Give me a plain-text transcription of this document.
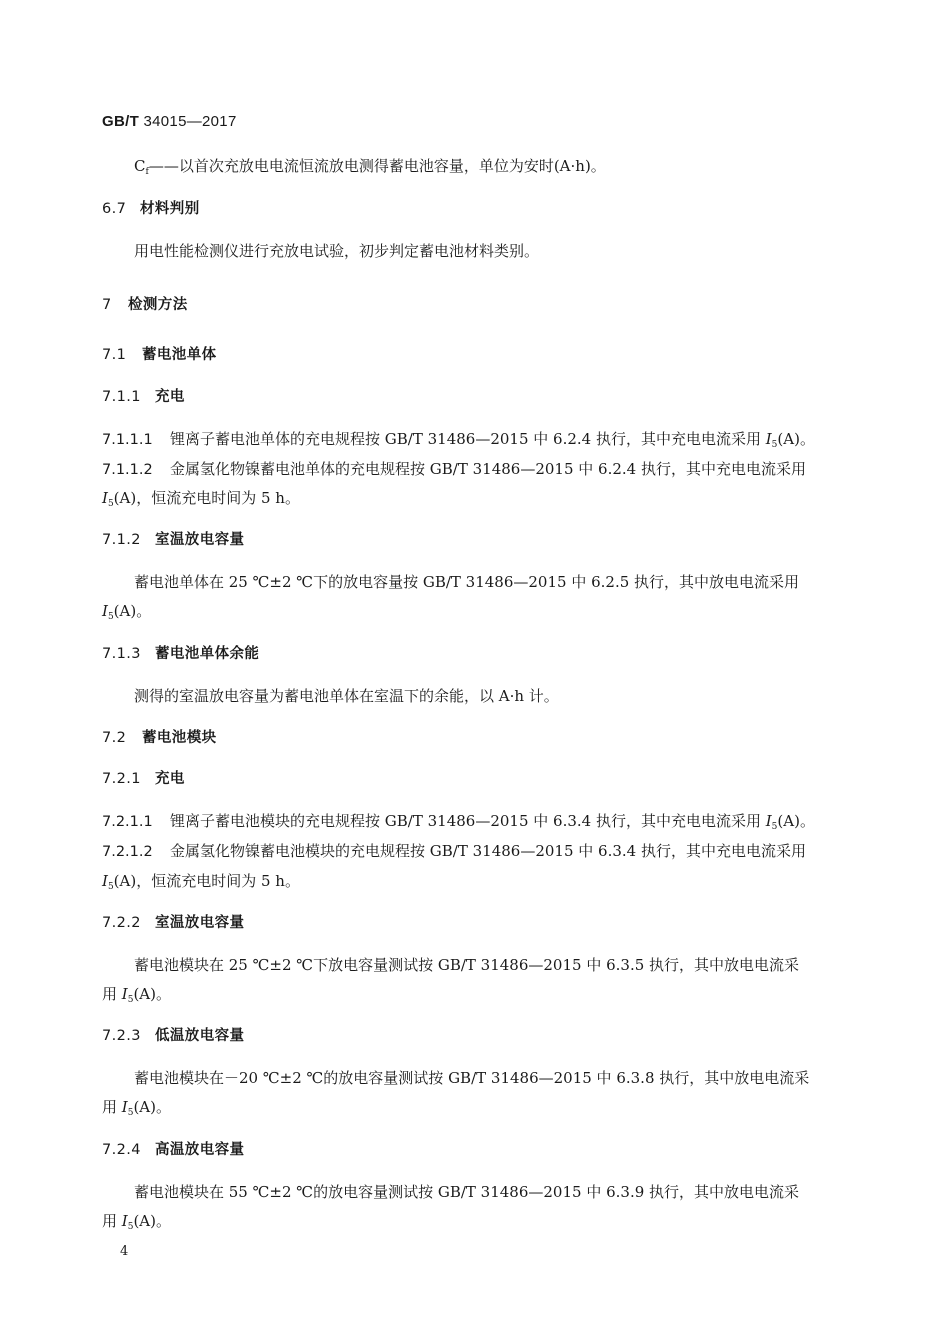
GB/T 34015—2017
$C_f——$以首次充放电电流恒流放电测得蓄电池容量，单位为安时(A·h)。
6.7 材料判别
用电性能检测仪进行充放电试验，初步判定蓄电池材料类别。
7 检测方法
7.1 蓄电池单体
7.1.1 充电
7.1.1.1 锂离子蓄电池单体的充电规程按 GB/T 31486—2015 中 6.2.4 执行，其中充电电流采用 $I_5(A)$。
7.1.1.2 金属氢化物镍蓄电池单体的充电规程按 GB/T 31486—2015 中 6.2.4 执行，其中充电电流采用
$I_5(A)$，恒流充电时间为 5 h。
7.1.2 室温放电容量
蓄电池单体在 25 ℃±2 ℃下的放电容量按 GB/T 31486—2015 中 6.2.5 执行，其中放电电流采用
$I_5(A)$。
7.1.3 蓄电池单体余能
测得的室温放电容量为蓄电池单体在室温下的余能，以 A·h 计。
7.2 蓄电池模块
7.2.1 充电
7.2.1.1 锂离子蓄电池模块的充电规程按 GB/T 31486—2015 中 6.3.4 执行，其中充电电流采用 $I_5(A)$。
7.2.1.2 金属氢化物镍蓄电池模块的充电规程按 GB/T 31486—2015 中 6.3.4 执行，其中充电电流采用
$I_5(A)$，恒流充电时间为 5 h。
7.2.2 室温放电容量
蓄电池模块在 25 ℃±2 ℃下放电容量测试按 GB/T 31486—2015 中 6.3.5 执行，其中放电电流采
用 $I_5(A)$。
7.2.3 低温放电容量
蓄电池模块在－20 ℃±2 ℃的放电容量测试按 GB/T 31486—2015 中 6.3.8 执行，其中放电电流采
用 $I_5(A)$。
7.2.4 高温放电容量
蓄电池模块在 55 ℃±2 ℃的放电容量测试按 GB/T 31486—2015 中 6.3.9 执行，其中放电电流采
用 $I_5(A)$。
4
